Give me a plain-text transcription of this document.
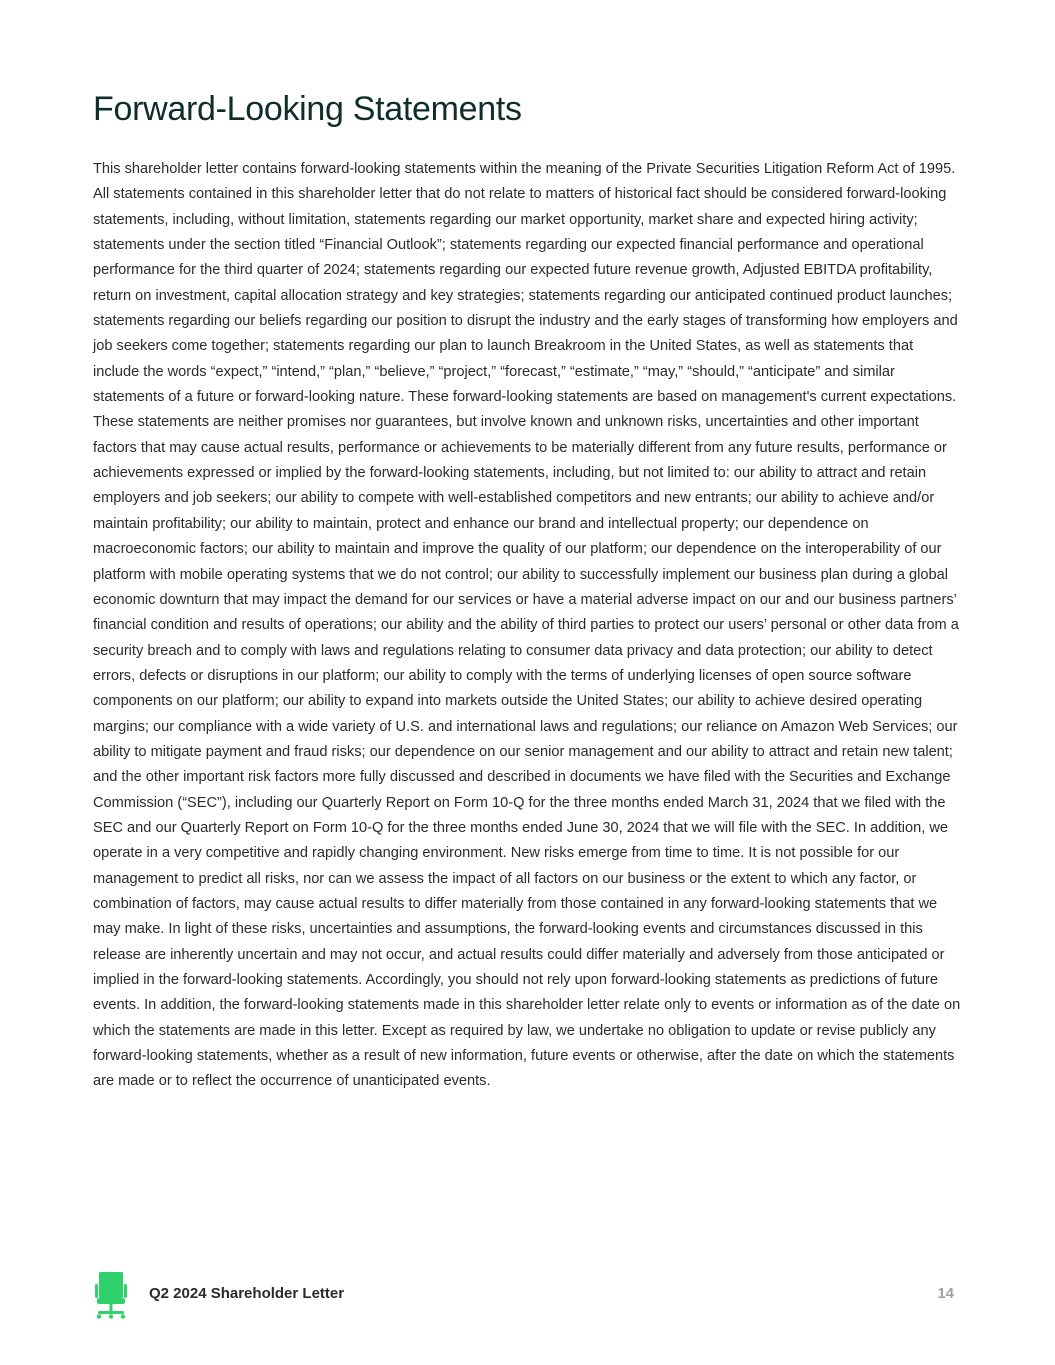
Forward-Looking Statements

This shareholder letter contains forward-looking statements within the meaning of the Private Securities Litigation Reform Act of 1995. All statements contained in this shareholder letter that do not relate to matters of historical fact should be considered forward-looking statements, including, without limitation, statements regarding our market opportunity, market share and expected hiring activity; statements under the section titled “Financial Outlook”; statements regarding our expected financial performance and operational performance for the third quarter of 2024; statements regarding our expected future revenue growth, Adjusted EBITDA profitability, return on investment, capital allocation strategy and key strategies; statements regarding our anticipated continued product launches; statements regarding our beliefs regarding our position to disrupt the industry and the early stages of transforming how employers and job seekers come together; statements regarding our plan to launch Breakroom in the United States, as well as statements that include the words “expect,” “intend,” “plan,” “believe,” “project,” “forecast,” “estimate,” “may,” “should,” “anticipate” and similar statements of a future or forward-looking nature. These forward-looking statements are based on management's current expectations. These statements are neither promises nor guarantees, but involve known and unknown risks, uncertainties and other important factors that may cause actual results, performance or achievements to be materially different from any future results, performance or achievements expressed or implied by the forward-looking statements, including, but not limited to: our ability to attract and retain employers and job seekers; our ability to compete with well-established competitors and new entrants; our ability to achieve and/or maintain profitability; our ability to maintain, protect and enhance our brand and intellectual property; our dependence on macroeconomic factors; our ability to maintain and improve the quality of our platform; our dependence on the interoperability of our platform with mobile operating systems that we do not control; our ability to successfully implement our business plan during a global economic downturn that may impact the demand for our services or have a material adverse impact on our and our business partners’ financial condition and results of operations; our ability and the ability of third parties to protect our users’ personal or other data from a security breach and to comply with laws and regulations relating to consumer data privacy and data protection; our ability to detect errors, defects or disruptions in our platform; our ability to comply with the terms of underlying licenses of open source software components on our platform; our ability to expand into markets outside the United States; our ability to achieve desired operating margins; our compliance with a wide variety of U.S. and international laws and regulations; our reliance on Amazon Web Services; our ability to mitigate payment and fraud risks; our dependence on our senior management and our ability to attract and retain new talent; and the other important risk factors more fully discussed and described in documents we have filed with the Securities and Exchange Commission (“SEC”), including our Quarterly Report on Form 10-Q for the three months ended March 31, 2024 that we filed with the SEC and our Quarterly Report on Form 10-Q for the three months ended June 30, 2024 that we will file with the SEC. In addition, we operate in a very competitive and rapidly changing environment. New risks emerge from time to time. It is not possible for our management to predict all risks, nor can we assess the impact of all factors on our business or the extent to which any factor, or combination of factors, may cause actual results to differ materially from those contained in any forward-looking statements that we may make. In light of these risks, uncertainties and assumptions, the forward-looking events and circumstances discussed in this release are inherently uncertain and may not occur, and actual results could differ materially and adversely from those anticipated or implied in the forward-looking statements. Accordingly, you should not rely upon forward-looking statements as predictions of future events. In addition, the forward-looking statements made in this shareholder letter relate only to events or information as of the date on which the statements are made in this letter. Except as required by law, we undertake no obligation to update or revise publicly any forward-looking statements, whether as a result of new information, future events or otherwise, after the date on which the statements are made or to reflect the occurrence of unanticipated events.

Q2 2024 Shareholder Letter	14
